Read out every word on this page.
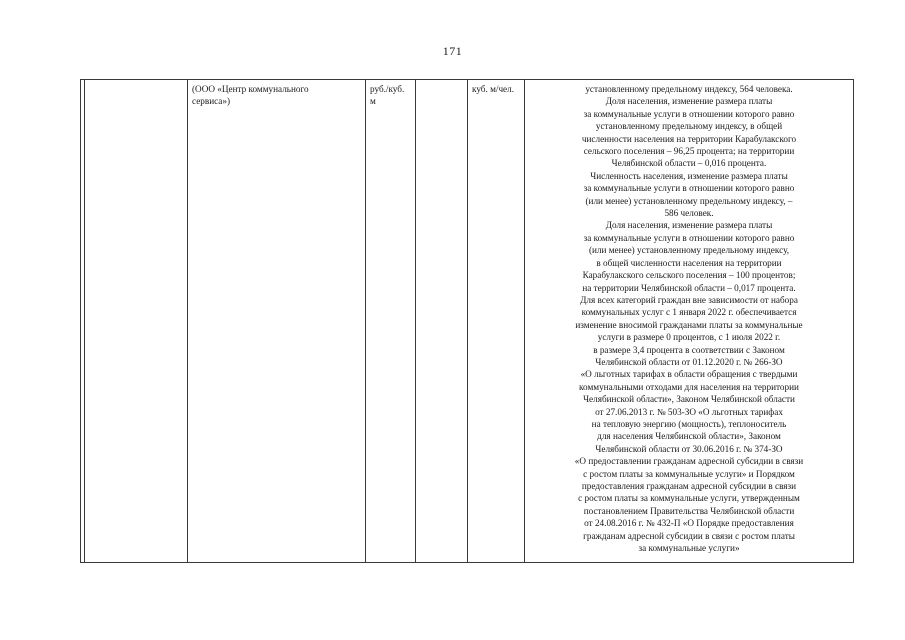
171
		(ООО «Центр коммунального
сервиса»)	руб./куб. м		куб. м/чел.	установленному предельному индексу, 564 человека.
Доля населения, изменение размера платы
за коммунальные услуги в отношении которого равно
установленному предельному индексу, в общей
численности населения на территории Карабулакского
сельского поселения – 96,25 процента; на территории
Челябинской области – 0,016 процента.
Численность населения, изменение размера платы
за коммунальные услуги в отношении которого равно
(или менее) установленному предельному индексу, –
586 человек.
Доля населения, изменение размера платы
за коммунальные услуги в отношении которого равно
(или менее) установленному предельному индексу,
в общей численности населения на территории
Карабулакского сельского поселения – 100 процентов;
на территории Челябинской области – 0,017 процента.
Для всех категорий граждан вне зависимости от набора
коммунальных услуг с 1 января 2022 г. обеспечивается
изменение вносимой гражданами платы за коммунальные
услуги в размере 0 процентов, с 1 июля 2022 г.
в размере 3,4 процента в соответствии с Законом
Челябинской области от 01.12.2020 г. № 266-ЗО
«О льготных тарифах в области обращения с твердыми
коммунальными отходами для населения на территории
Челябинской области», Законом Челябинской области
от 27.06.2013 г. № 503-ЗО «О льготных тарифах
на тепловую энергию (мощность), теплоноситель
для населения Челябинской области», Законом
Челябинской области от 30.06.2016 г. № 374-ЗО
«О предоставлении гражданам адресной субсидии в связи
с ростом платы за коммунальные услуги» и Порядком
предоставления гражданам адресной субсидии в связи
с ростом платы за коммунальные услуги, утвержденным
постановлением Правительства Челябинской области
от 24.08.2016 г. № 432-П «О Порядке предоставления
гражданам адресной субсидии в связи с ростом платы
за коммунальные услуги»
